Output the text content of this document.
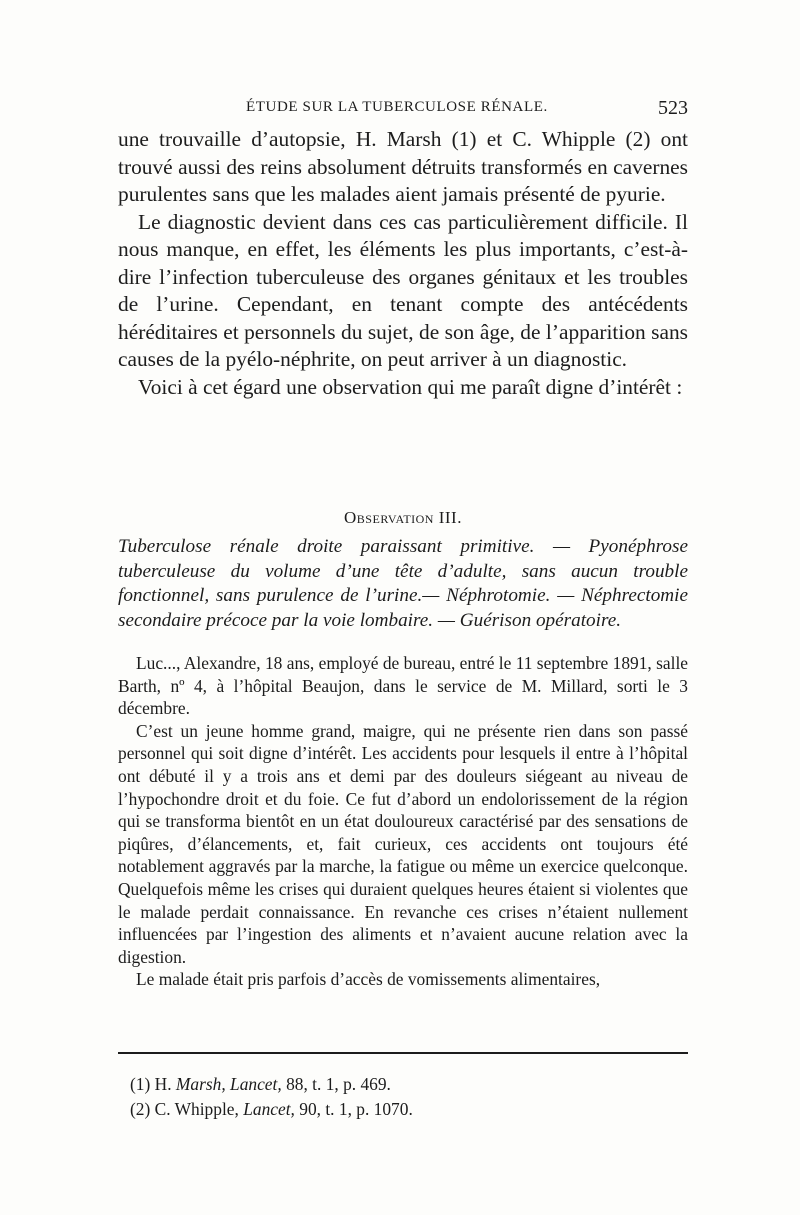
ÉTUDE SUR LA TUBERCULOSE RÉNALE.	523

une trouvaille d’autopsie, H. Marsh (1) et C. Whipple (2) ont trouvé aussi des reins absolument détruits transformés en cavernes purulentes sans que les malades aient jamais présenté de pyurie.

Le diagnostic devient dans ces cas particulièrement difficile. Il nous manque, en effet, les éléments les plus importants, c’est-à-dire l’infection tuberculeuse des organes génitaux et les troubles de l’urine. Cependant, en tenant compte des antécédents héréditaires et personnels du sujet, de son âge, de l’apparition sans causes de la pyélo-néphrite, on peut arriver à un diagnostic.

Voici à cet égard une observation qui me paraît digne d’intérêt :

Observation III.
Tuberculose rénale droite paraissant primitive. — Pyonéphrose tuberculeuse du volume d’une tête d’adulte, sans aucun trouble fonctionnel, sans purulence de l’urine.— Néphrotomie. — Néphrectomie secondaire précoce par la voie lombaire. — Guérison opératoire.

Luc..., Alexandre, 18 ans, employé de bureau, entré le 11 septembre 1891, salle Barth, nº 4, à l’hôpital Beaujon, dans le service de M. Millard, sorti le 3 décembre.

C’est un jeune homme grand, maigre, qui ne présente rien dans son passé personnel qui soit digne d’intérêt. Les accidents pour lesquels il entre à l’hôpital ont débuté il y a trois ans et demi par des douleurs siégeant au niveau de l’hypochondre droit et du foie. Ce fut d’abord un endolorissement de la région qui se transforma bientôt en un état douloureux caractérisé par des sensations de piqûres, d’élancements, et, fait curieux, ces accidents ont toujours été notablement aggravés par la marche, la fatigue ou même un exercice quelconque. Quelquefois même les crises qui duraient quelques heures étaient si violentes que le malade perdait connaissance. En revanche ces crises n’étaient nullement influencées par l’ingestion des aliments et n’avaient aucune relation avec la digestion.

Le malade était pris parfois d’accès de vomissements alimentaires,

(1) H. Marsh, Lancet, 88, t. 1, p. 469.

(2) C. Whipple, Lancet, 90, t. 1, p. 1070.
